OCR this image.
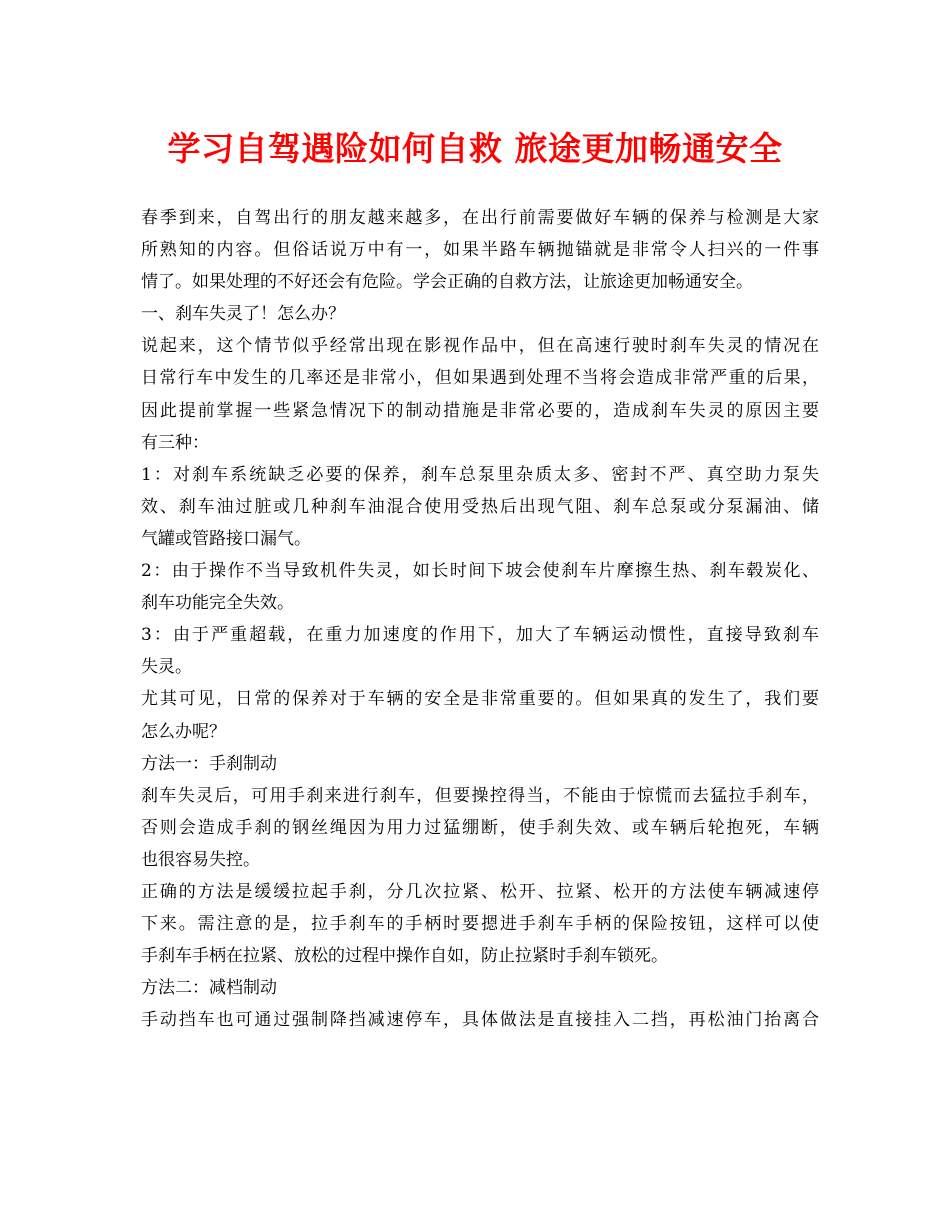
学习自驾遇险如何自救 旅途更加畅通安全
春季到来，自驾出行的朋友越来越多，在出行前需要做好车辆的保养与检测是大家
所熟知的内容。但俗话说万中有一，如果半路车辆抛锚就是非常令人扫兴的一件事
情了。如果处理的不好还会有危险。学会正确的自救方法，让旅途更加畅通安全。
一、刹车失灵了！怎么办？
说起来，这个情节似乎经常出现在影视作品中，但在高速行驶时刹车失灵的情况在
日常行车中发生的几率还是非常小，但如果遇到处理不当将会造成非常严重的后果，
因此提前掌握一些紧急情况下的制动措施是非常必要的，造成刹车失灵的原因主要
有三种：
1：对刹车系统缺乏必要的保养，刹车总泵里杂质太多、密封不严、真空助力泵失
效、刹车油过脏或几种刹车油混合使用受热后出现气阻、刹车总泵或分泵漏油、储
气罐或管路接口漏气。
2：由于操作不当导致机件失灵，如长时间下坡会使刹车片摩擦生热、刹车毂炭化、
刹车功能完全失效。
3：由于严重超载，在重力加速度的作用下，加大了车辆运动惯性，直接导致刹车
失灵。
尤其可见，日常的保养对于车辆的安全是非常重要的。但如果真的发生了，我们要
怎么办呢？
方法一：手刹制动
刹车失灵后，可用手刹来进行刹车，但要操控得当，不能由于惊慌而去猛拉手刹车，
否则会造成手刹的钢丝绳因为用力过猛绷断，使手刹失效、或车辆后轮抱死，车辆
也很容易失控。
正确的方法是缓缓拉起手刹，分几次拉紧、松开、拉紧、松开的方法使车辆减速停
下来。需注意的是，拉手刹车的手柄时要摁进手刹车手柄的保险按钮，这样可以使
手刹车手柄在拉紧、放松的过程中操作自如，防止拉紧时手刹车锁死。
方法二：减档制动
手动挡车也可通过强制降挡减速停车，具体做法是直接挂入二挡，再松油门抬离合
